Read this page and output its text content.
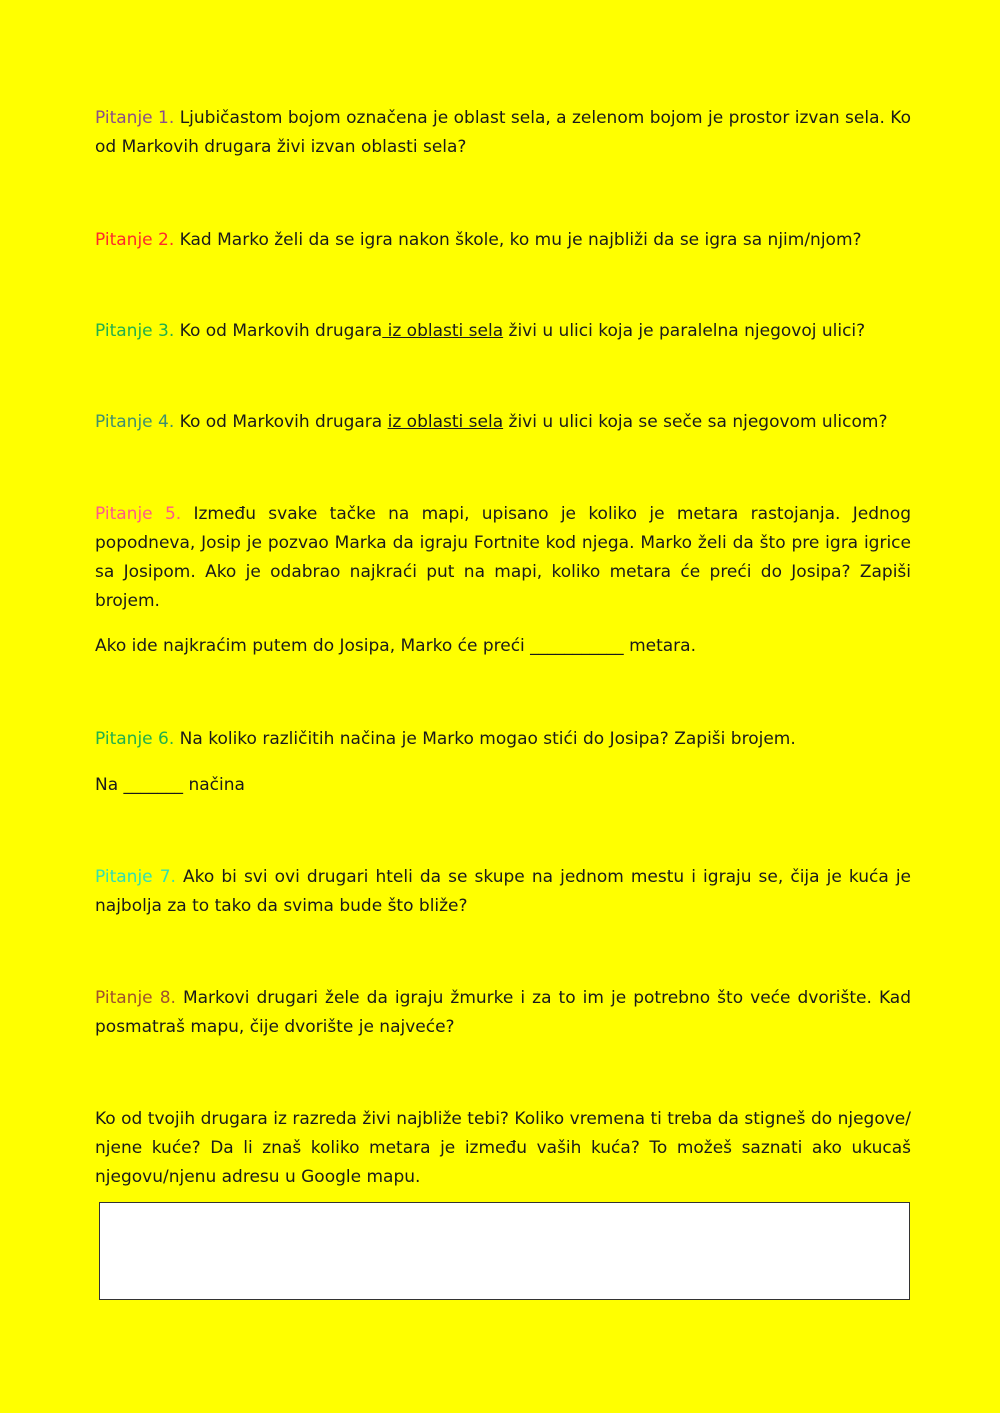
Pitanje 1. Ljubičastom bojom označena je oblast sela, a zelenom bojom je prostor izvan sela. Ko od Markovih drugara živi izvan oblasti sela?

Pitanje 2. Kad Marko želi da se igra nakon škole, ko mu je najbliži da se igra sa njim/njom?

Pitanje 3. Ko od Markovih drugara iz oblasti sela živi u ulici koja je paralelna njegovoj ulici?

Pitanje 4. Ko od Markovih drugara iz oblasti sela živi u ulici koja se seče sa njegovom ulicom?

Pitanje 5. Između svake tačke na mapi, upisano je koliko je metara rastojanja. Jednog popodneva, Josip je pozvao Marka da igraju Fortnite kod njega. Marko želi da što pre igra igrice sa Josipom. Ako je odabrao najkraći put na mapi, koliko metara će preći do Josipa? Zapiši brojem.

Ako ide najkraćim putem do Josipa, Marko će preći ___________ metara.

Pitanje 6. Na koliko različitih načina je Marko mogao stići do Josipa? Zapiši brojem.

Na _______ načina

Pitanje 7. Ako bi svi ovi drugari hteli da se skupe na jednom mestu i igraju se, čija je kuća je najbolja za to tako da svima bude što bliže?

Pitanje 8. Markovi drugari žele da igraju žmurke i za to im je potrebno što veće dvorište. Kad posmatraš mapu, čije dvorište je najveće?

Ko od tvojih drugara iz razreda živi najbliže tebi? Koliko vremena ti treba da stigneš do njegove/ njene kuće? Da li znaš koliko metara je između vaših kuća? To možeš saznati ako ukucaš njegovu/njenu adresu u Google mapu.
